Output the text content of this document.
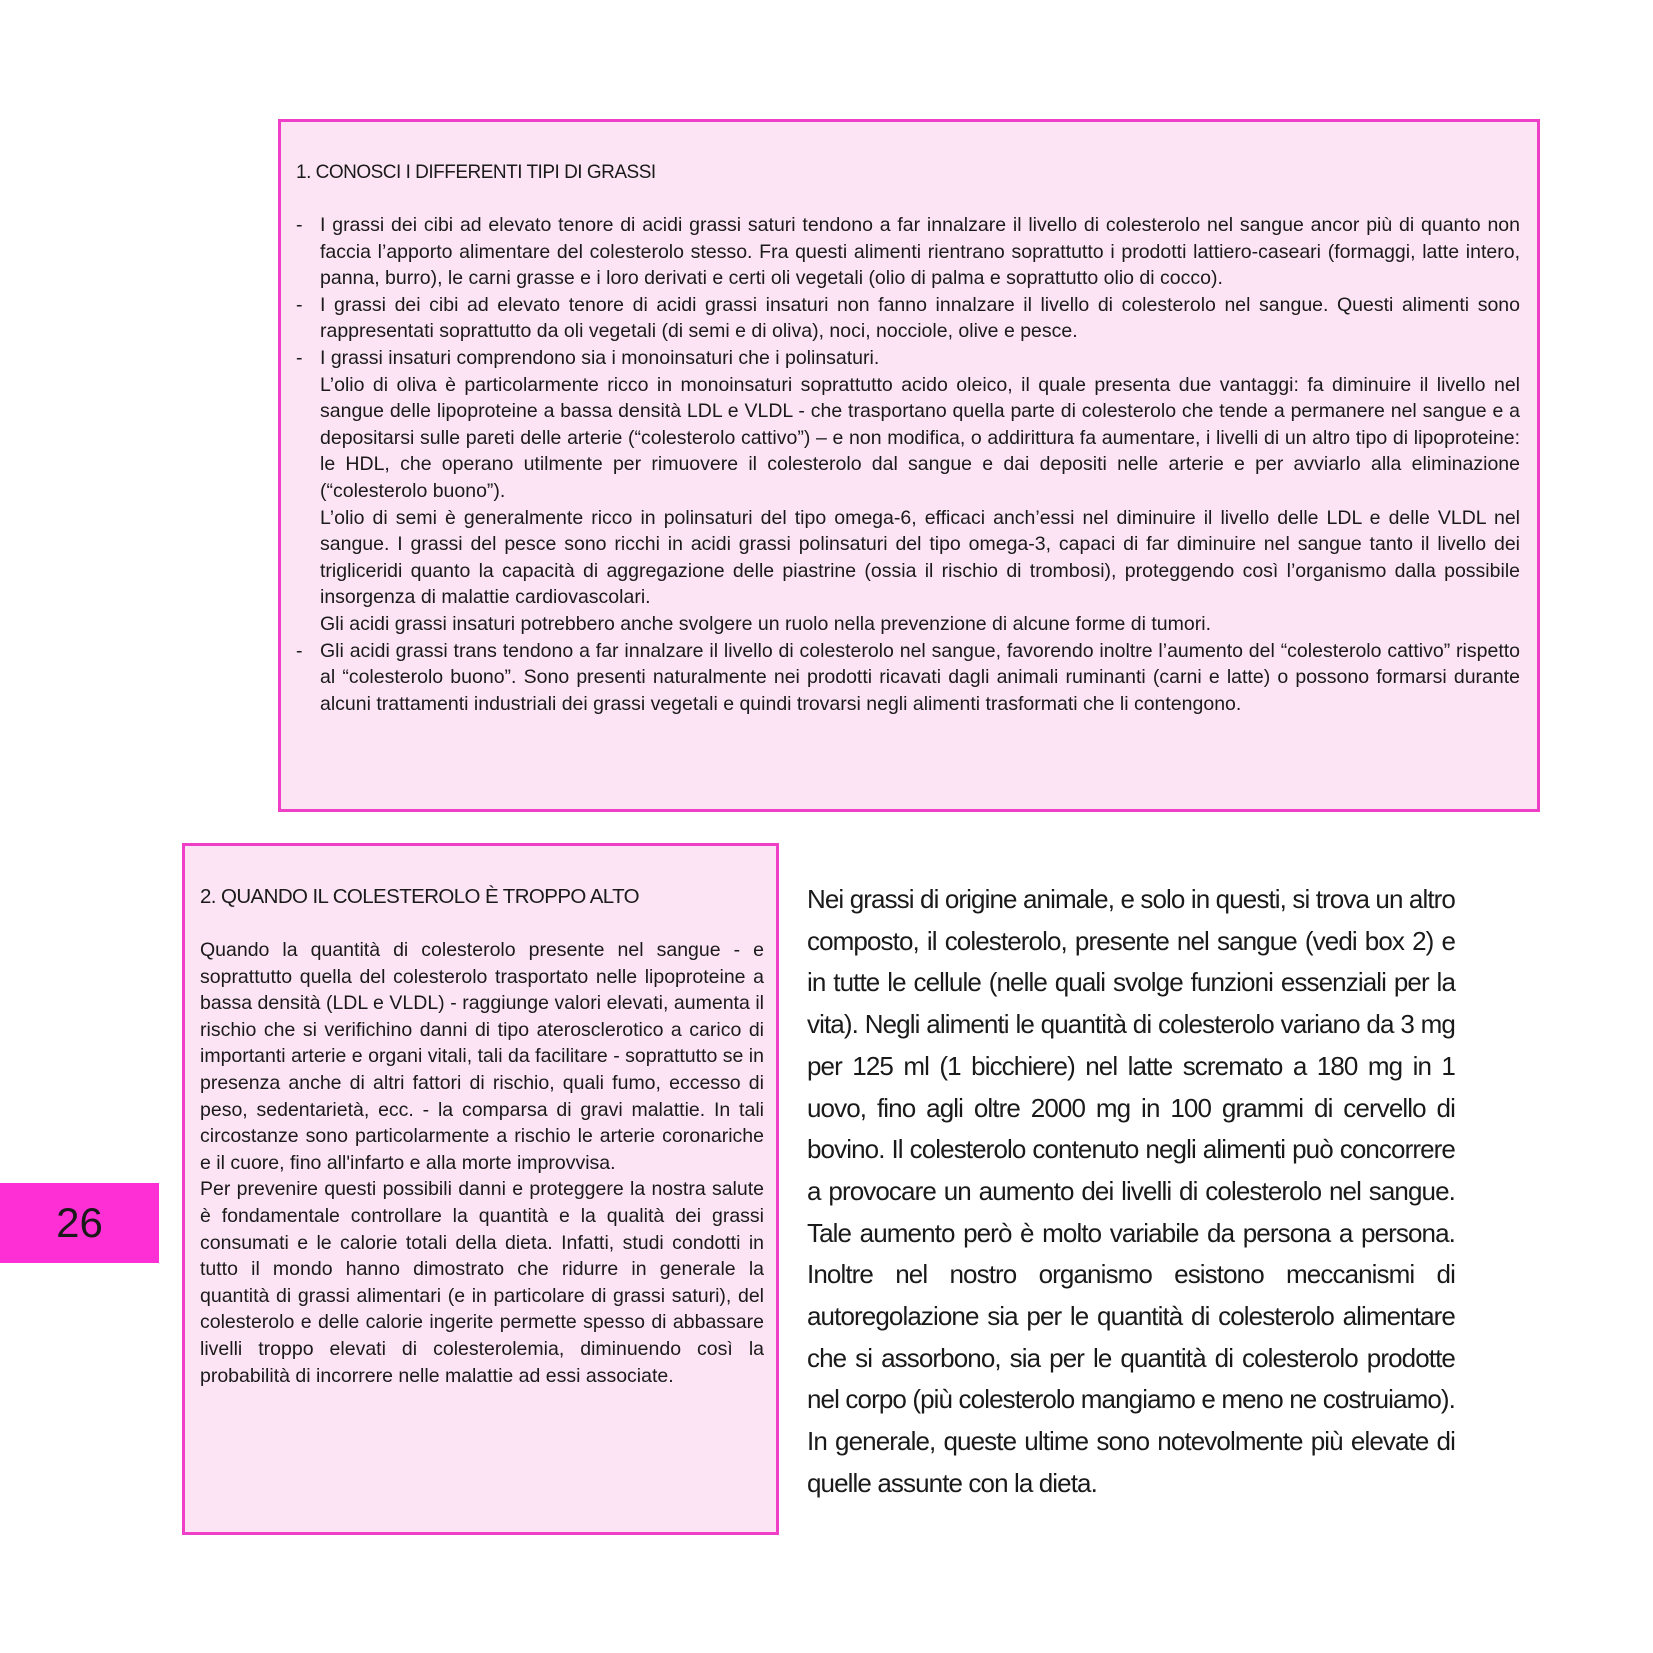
1. CONOSCI I DIFFERENTI TIPI DI GRASSI

- I grassi dei cibi ad elevato tenore di acidi grassi saturi tendono a far innalzare il livello di colesterolo nel sangue ancor più di quanto non faccia l’apporto alimentare del colesterolo stesso. Fra questi alimenti rientrano soprattutto i prodotti lattiero-caseari (formaggi, latte intero, panna, burro), le carni grasse e i loro derivati e certi oli vegetali (olio di palma e soprattutto olio di cocco).

- I grassi dei cibi ad elevato tenore di acidi grassi insaturi non fanno innalzare il livello di colesterolo nel sangue. Questi alimenti sono rappresentati soprattutto da oli vegetali (di semi e di oliva), noci, nocciole, olive e pesce.

- I grassi insaturi comprendono sia i monoinsaturi che i polinsaturi.

L’olio di oliva è particolarmente ricco in monoinsaturi soprattutto acido oleico, il quale presenta due vantaggi: fa diminuire il livello nel sangue delle lipoproteine a bassa densità LDL e VLDL - che trasportano quella parte di colesterolo che tende a permanere nel sangue e a depositarsi sulle pareti delle arterie (“colesterolo cattivo”) – e non modifica, o addirittura fa aumentare, i livelli di un altro tipo di lipoproteine: le HDL, che operano utilmente per rimuovere il colesterolo dal sangue e dai depositi nelle arterie e per avviarlo alla eliminazione (“colesterolo buono”).

L’olio di semi è generalmente ricco in polinsaturi del tipo omega-6, efficaci anch’essi nel diminuire il livello delle LDL e delle VLDL nel sangue. I grassi del pesce sono ricchi in acidi grassi polinsaturi del tipo omega-3, capaci di far diminuire nel sangue tanto il livello dei trigliceridi quanto la capacità di aggregazione delle piastrine (ossia il rischio di trombosi), proteggendo così l’organismo dalla possibile insorgenza di malattie cardiovascolari.

Gli acidi grassi insaturi potrebbero anche svolgere un ruolo nella prevenzione di alcune forme di tumori.

- Gli acidi grassi trans tendono a far innalzare il livello di colesterolo nel sangue, favorendo inoltre l’aumento del “colesterolo cattivo” rispetto al “colesterolo buono”. Sono presenti naturalmente nei prodotti ricavati dagli animali ruminanti (carni e latte) o possono formarsi durante alcuni trattamenti industriali dei grassi vegetali e quindi trovarsi negli alimenti trasformati che li contengono.

2. QUANDO IL COLESTEROLO È TROPPO ALTO

Quando la quantità di colesterolo presente nel sangue - e soprattutto quella del colesterolo trasportato nelle lipoproteine a bassa densità (LDL e VLDL) - raggiunge valori elevati, aumenta il rischio che si verifichino danni di tipo aterosclerotico a carico di importanti arterie e organi vitali, tali da facilitare - soprattutto se in presenza anche di altri fattori di rischio, quali fumo, eccesso di peso, sedentarietà, ecc. - la comparsa di gravi malattie. In tali circostanze sono particolarmente a rischio le arterie coronariche e il cuore, fino all'infarto e alla morte improvvisa.

Per prevenire questi possibili danni e proteggere la nostra salute è fondamentale controllare la quantità e la qualità dei grassi consumati e le calorie totali della dieta. Infatti, studi condotti in tutto il mondo hanno dimostrato che ridurre in generale la quantità di grassi alimentari (e in particolare di grassi saturi), del colesterolo e delle calorie ingerite permette spesso di abbassare livelli troppo elevati di colesterolemia, diminuendo così la probabilità di incorrere nelle malattie ad essi associate.

Nei grassi di origine animale, e solo in questi, si trova un altro composto, il colesterolo, presente nel sangue (vedi box 2) e in tutte le cellule (nelle quali svolge funzioni essenziali per la vita). Negli alimenti le quantità di colesterolo variano da 3 mg per 125 ml (1 bicchiere) nel latte scremato a 180 mg in 1 uovo, fino agli oltre 2000 mg in 100 grammi di cervello di bovino. Il colesterolo contenuto negli alimenti può concorrere a provocare un aumento dei livelli di colesterolo nel sangue. Tale aumento però è molto variabile da persona a persona. Inoltre nel nostro organismo esistono meccanismi di autoregolazione sia per le quantità di colesterolo alimentare che si assorbono, sia per le quantità di colesterolo prodotte nel corpo (più colesterolo mangiamo e meno ne costruiamo). In generale, queste ultime sono notevolmente più elevate di quelle assunte con la dieta.

26
